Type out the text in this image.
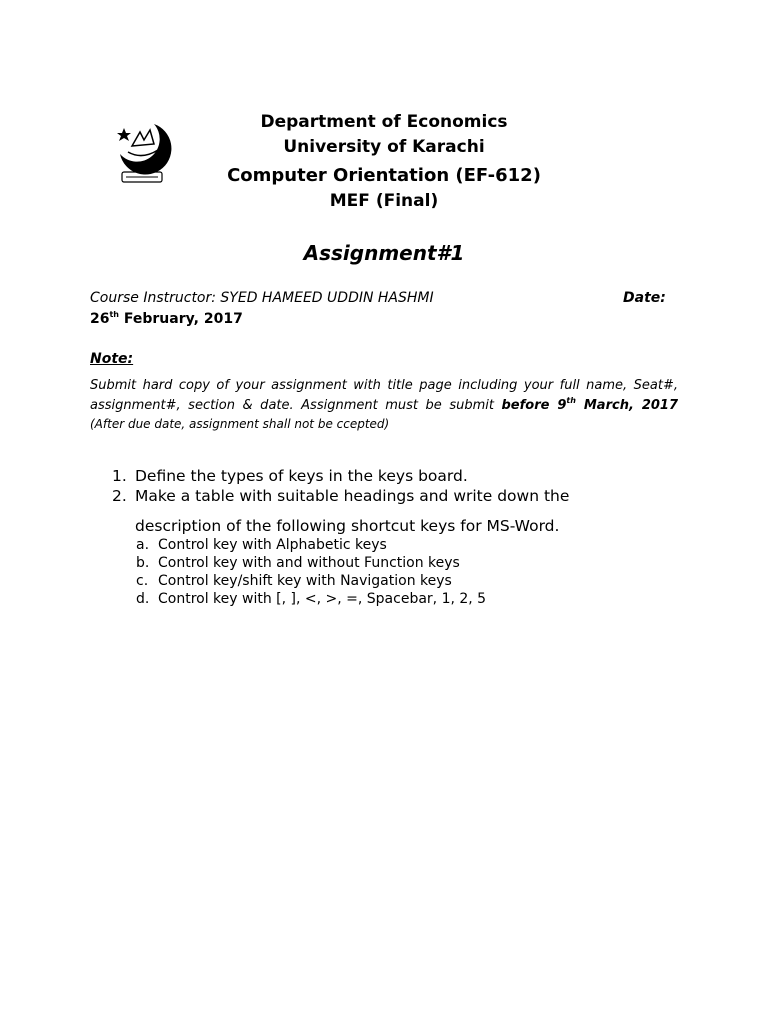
Department of Economics
University of Karachi
Computer Orientation (EF-612)
MEF (Final)
Assignment#1
Course Instructor: SYED HAMEED UDDIN HASHMI	Date:
26th February, 2017
Note:
Submit hard copy of your assignment with title page including your full name, Seat#, assignment#, section & date. Assignment must be submit before 9th March, 2017 (After due date, assignment shall not be ccepted)
1. Define the types of keys in the keys board.
2. Make a table with suitable headings and write down the
description of the following shortcut keys for MS-Word.
a. Control key with Alphabetic keys
b. Control key with and without Function keys
c. Control key/shift key with Navigation keys
d. Control key with [, ], <, >, =, Spacebar, 1, 2, 5
